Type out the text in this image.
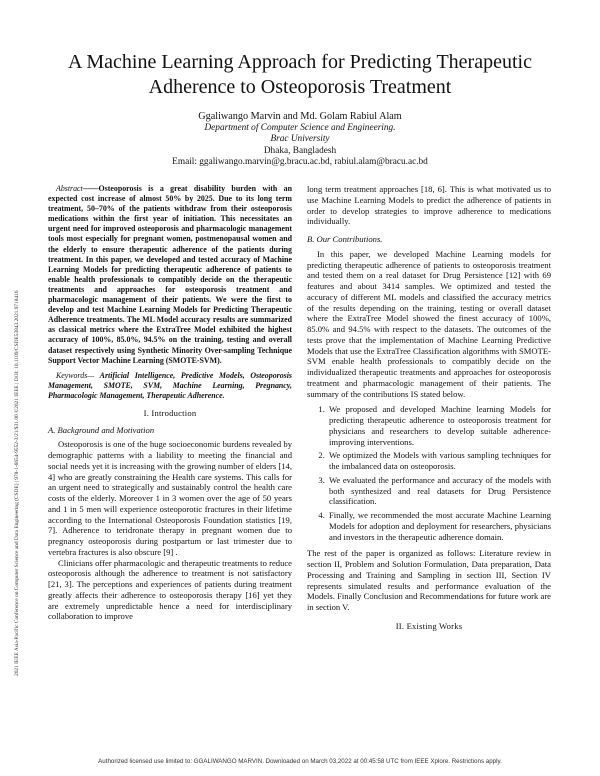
2021 IEEE Asia-Pacific Conference on Computer Science and Data Engineering (CSDE) | 978-1-6654-9552-3/21/$31.00 ©2021 IEEE | DOI: 10.1109/CSDE53843.2021.9718416
A Machine Learning Approach for Predicting Therapeutic Adherence to Osteoporosis Treatment
Ggaliwango Marvin and Md. Golam Rabiul Alam
Department of Computer Science and Engineering.
Brac University
Dhaka, Bangladesh
Email: ggaliwango.marvin@g.bracu.ac.bd, rabiul.alam@bracu.ac.bd

Abstract——Osteoporosis is a great disability burden with an expected cost increase of almost 50% by 2025. Due to its long term treatment, 50–70% of the patients withdraw from their osteoporosis medications within the first year of initiation. This necessitates an urgent need for improved osteoporosis and pharmacologic management tools most especially for pregnant women, postmenopausal women and the elderly to ensure therapeutic adherence of the patients during treatment. In this paper, we developed and tested accuracy of Machine Learning Models for predicting therapeutic adherence of patients to enable health professionals to compatibly decide on the therapeutic treatments and approaches for osteoporosis treatment and pharmacologic management of their patients. We were the first to develop and test Machine Learning Models for Predicting Therapeutic Adherence treatments. The ML Model accuracy results are summarized as classical metrics where the ExtraTree Model exhibited the highest accuracy of 100%, 85.0%, 94.5% on the training, testing and overall dataset respectively using Synthetic Minority Over-sampling Technique Support Vector Machine Learning (SMOTE-SVM).

Keywords— Artificial Intelligence, Predictive Models, Osteoporosis Management, SMOTE, SVM, Machine Learning, Pregnancy, Pharmacologic Management, Therapeutic Adherence.

I. Introduction
A. Background and Motivation

Osteoporosis is one of the huge socioeconomic burdens revealed by demographic patterns with a liability to meeting the financial and social needs yet it is increasing with the growing number of elders [14, 4] who are greatly constraining the Health care systems. This calls for an urgent need to strategically and sustainably control the health care costs of the elderly. Moreover 1 in 3 women over the age of 50 years and 1 in 5 men will experience osteoporotic fractures in their lifetime according to the International Osteoporosis Foundation statistics [19, 7]. Adherence to teridronate therapy in pregnant women due to pregnancy osteoporosis during postpartum or last trimester due to vertebra fractures is also obscure [9] .

Clinicians offer pharmacologic and therapeutic treatments to reduce osteoporosis although the adherence to treatment is not satisfactory [21, 3]. The perceptions and experiences of patients during treatment greatly affects their adherence to osteoporosis therapy [16] yet they are extremely unpredictable hence a need for interdisciplinary collaboration to improve

long term treatment approaches [18, 6]. This is what motivated us to use Machine Learning Models to predict the adherence of patients in order to develop strategies to improve adherence to medications individually.

B. Our Contributions.

In this paper, we developed Machine Learning models for predicting therapeutic adherence of patients to osteoporosis treatment and tested them on a real dataset for Drug Persistence [12] with 69 features and about 3414 samples. We optimized and tested the accuracy of different ML models and classified the accuracy metrics of the results depending on the training, testing or overall dataset where the ExtraTree Model showed the finest accuracy of 100%, 85.0% and 94.5% with respect to the datasets. The outcomes of the tests prove that the implementation of Machine Learning Predictive Models that use the ExtraTree Classification algorithms with SMOTE-SVM enable health professionals to compatibly decide on the individualized therapeutic treatments and approaches for osteoporosis treatment and pharmacologic management of their patients. The summary of the contributions IS stated below.

1. We proposed and developed Machine learning Models for predicting therapeutic adherence to osteoporosis treatment for physicians and researchers to develop suitable adherence-improving interventions.
2. We optimized the Models with various sampling techniques for the imbalanced data on osteoporosis.
3. We evaluated the performance and accuracy of the models with both synthesized and real datasets for Drug Persistence classification.
4. Finally, we recommended the most accurate Machine Learning Models for adoption and deployment for researchers, physicians and investors in the therapeutic adherence domain.

The rest of the paper is organized as follows: Literature review in section II, Problem and Solution Formulation, Data preparation, Data Processing and Training and Sampling in section III, Section IV represents simulated results and performance evaluation of the Models. Finally Conclusion and Recommendations for future work are in section V.

II. Existing Works
Authorized licensed use limited to: GGALIWANGO MARVIN. Downloaded on March 03,2022 at 00:45:58 UTC from IEEE Xplore. Restrictions apply.
